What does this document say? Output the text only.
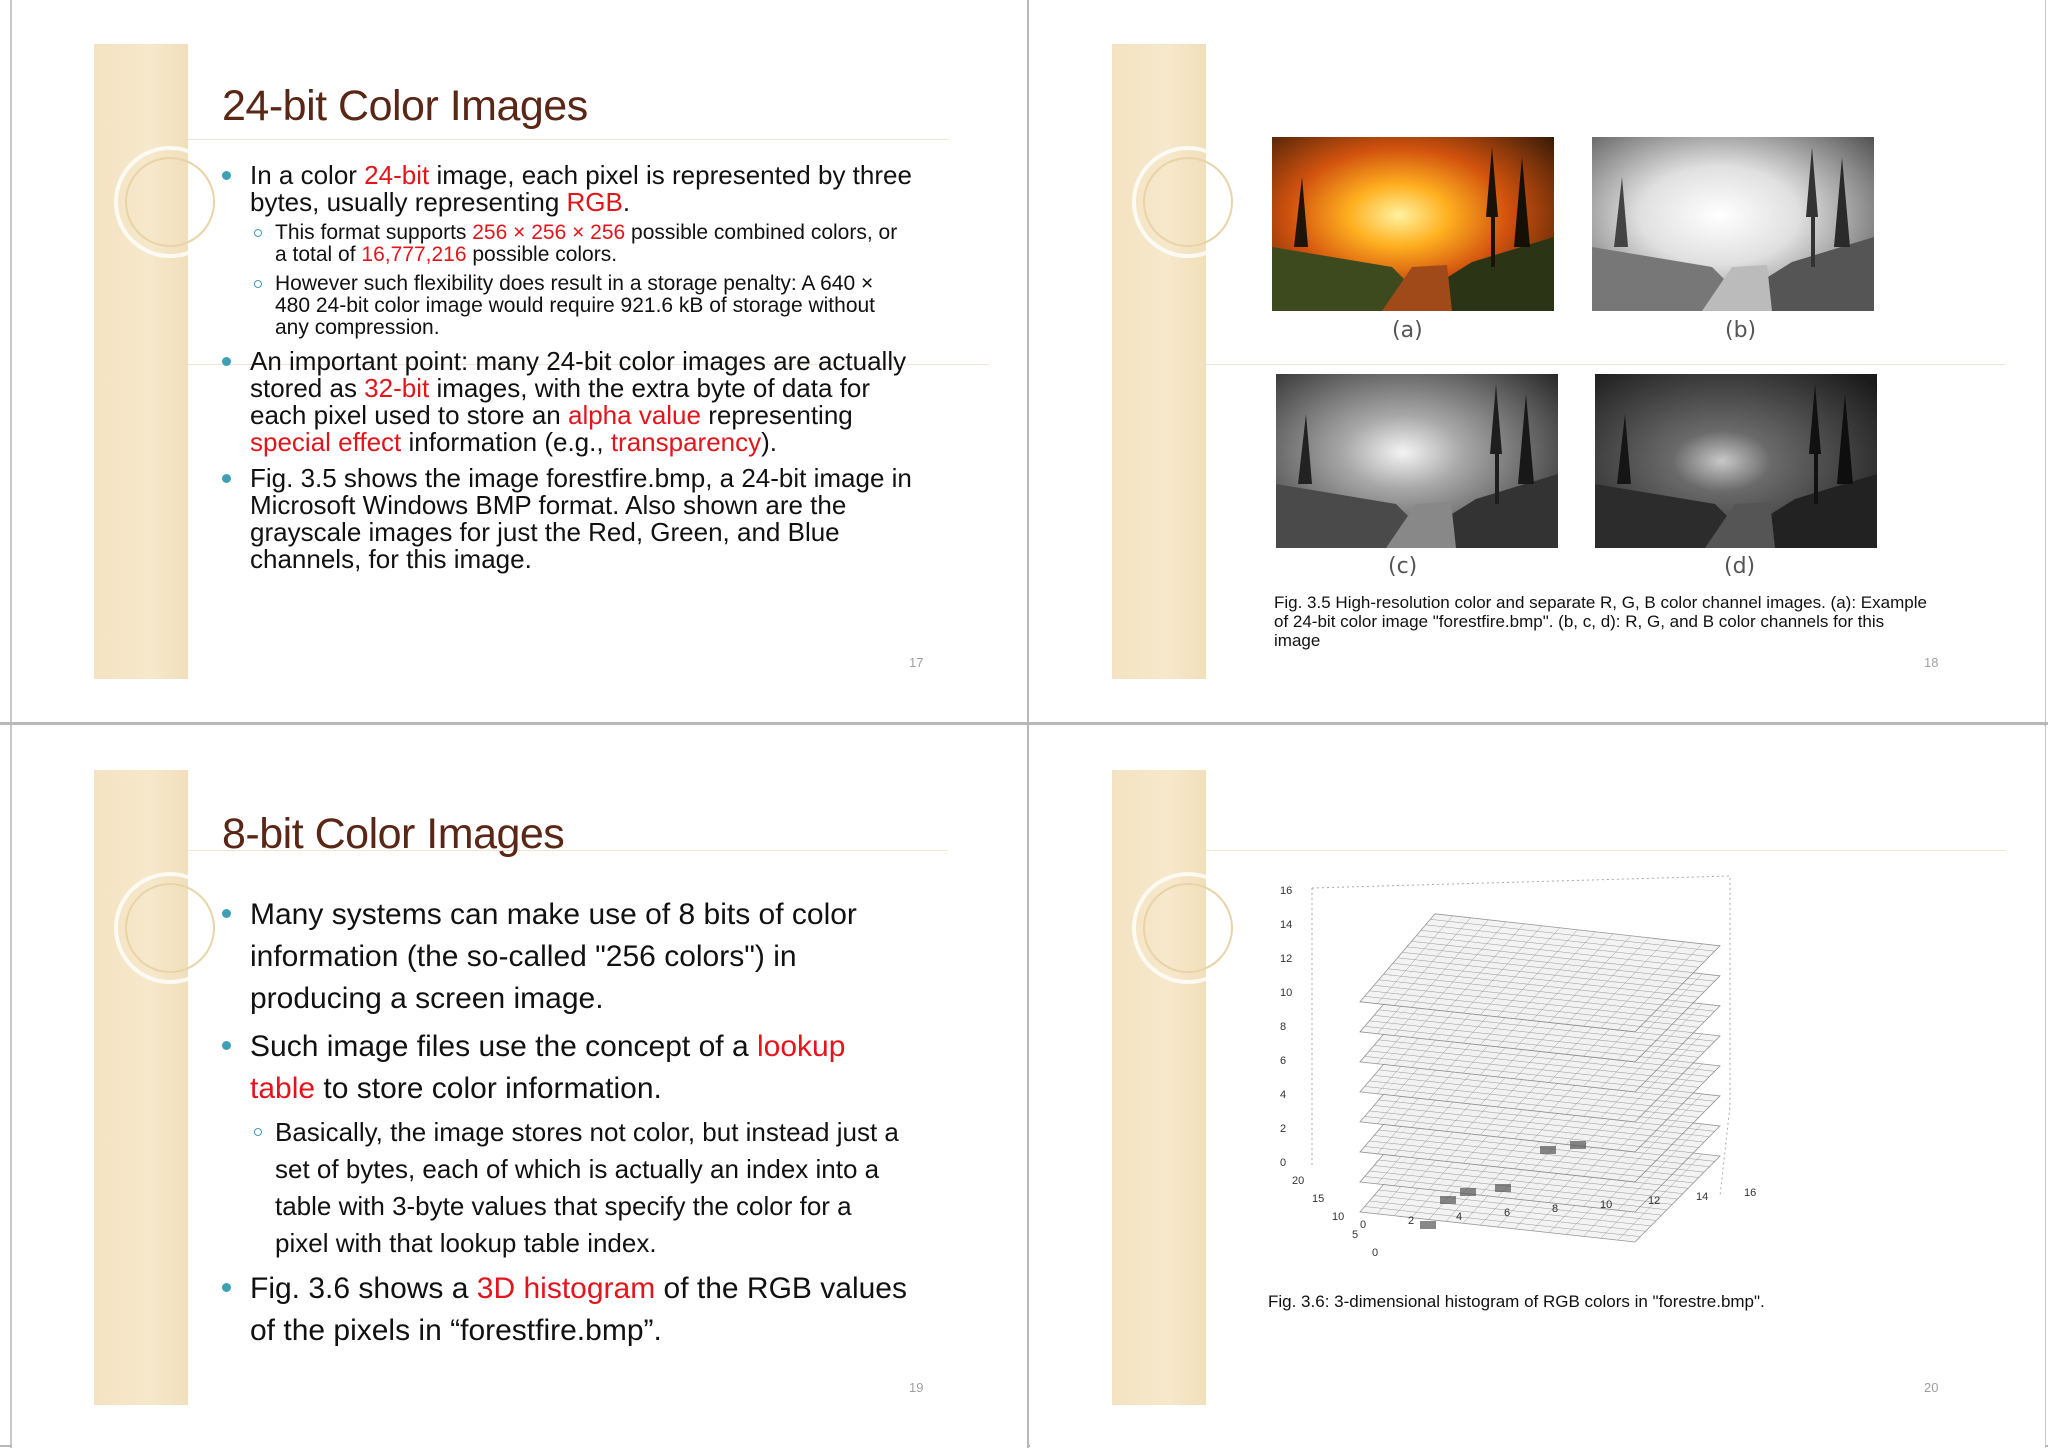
24-bit Color Images
In a color 24-bit image, each pixel is represented by three bytes, usually representing RGB.
This format supports 256 × 256 × 256 possible combined colors, or a total of 16,777,216 possible colors.
However such flexibility does result in a storage penalty: A 640 × 480 24-bit color image would require 921.6 kB of storage without any compression.
An important point: many 24-bit color images are actually stored as 32-bit images, with the extra byte of data for each pixel used to store an alpha value representing special effect information (e.g., transparency).
Fig. 3.5 shows the image forestfire.bmp, a 24-bit image in Microsoft Windows BMP format. Also shown are the grayscale images for just the Red, Green, and Blue channels, for this image.
17
(a)	(b)
(c)	(d)
Fig. 3.5 High-resolution color and separate R, G, B color channel images. (a): Example of 24-bit color image "forestfire.bmp". (b, c, d): R, G, and B color channels for this image
18
8-bit Color Images
Many systems can make use of 8 bits of color information (the so-called "256 colors") in producing a screen image.
Such image files use the concept of a lookup table to store color information.
Basically, the image stores not color, but instead just a set of bytes, each of which is actually an index into a table with 3-byte values that specify the color for a pixel with that lookup table index.
Fig. 3.6 shows a 3D histogram of the RGB values of the pixels in “forestfire.bmp”.
19
0
2
4
6
8
10
12
14
16
20
15
10
5
0
0	2	4	6	8	10	12	14	16
Fig. 3.6: 3-dimensional histogram of RGB colors in "forestre.bmp".
20
